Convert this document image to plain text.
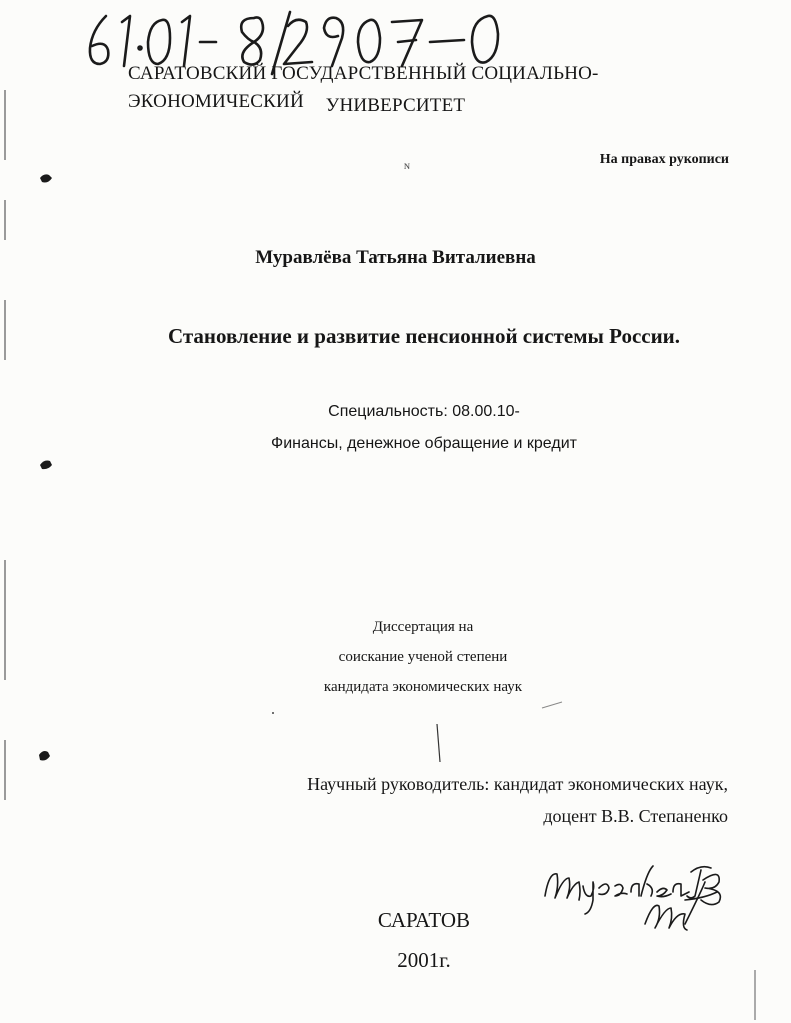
САРАТОВСКИЙ ГОСУДАРСТВЕННЫЙ СОЦИАЛЬНО-ЭКОНОМИЧЕСКИЙ	УНИВЕРСИТЕТ
ɴ	На правах рукописи
Муравлёва Татьяна Виталиевна
Становление и развитие пенсионной системы России.
Специальность: 08.00.10-
Финансы, денежное обращение и кредит
Диссертация на
соискание ученой степени
кандидата экономических наук
Научный руководитель: кандидат экономических наук,
доцент В.В. Степаненко
САРАТОВ
2001г.
